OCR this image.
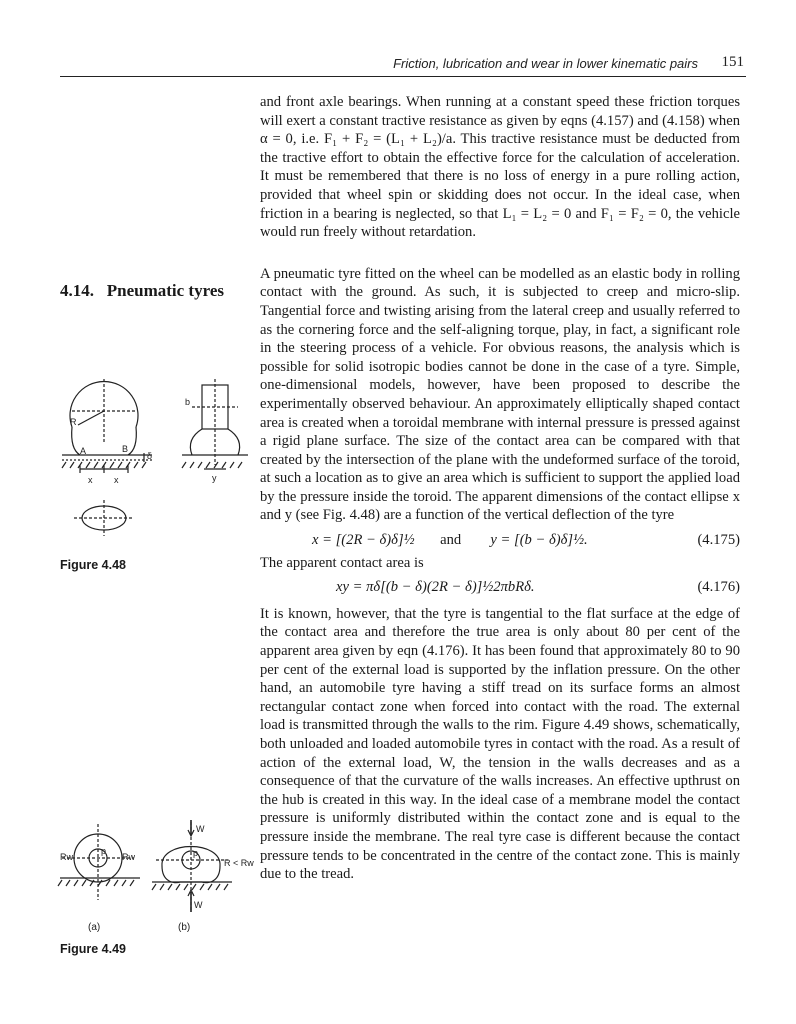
Friction, lubrication and wear in lower kinematic pairs 151
4.14. Pneumatic tyres

and front axle bearings. When running at a constant speed these friction torques will exert a constant tractive resistance as given by eqns (4.157) and (4.158) when α = 0, i.e. F₁ + F₂ = (L₁ + L₂)/a. This tractive resistance must be deducted from the tractive effort to obtain the effective force for the calculation of acceleration. It must be remembered that there is no loss of energy in a pure rolling action, provided that wheel spin or skidding does not occur. In the ideal case, when friction in a bearing is neglected, so that L₁ = L₂ = 0 and F₁ = F₂ = 0, the vehicle would run freely without retardation.

A pneumatic tyre fitted on the wheel can be modelled as an elastic body in rolling contact with the ground. As such, it is subjected to creep and micro-slip. Tangential force and twisting arising from the lateral creep and usually referred to as the cornering force and the self-aligning torque, play, in fact, a significant role in the steering process of a vehicle. For obvious reasons, the analysis which is possible for solid isotropic bodies cannot be done in the case of a tyre. Simple, one-dimensional models, however, have been proposed to describe the experimentally observed behaviour. An approximately elliptically shaped contact area is created when a toroidal membrane with internal pressure is pressed against a rigid plane surface. The size of the contact area can be compared with that created by the intersection of the plane with the undeformed surface of the toroid, at such a location as to give an area which is sufficient to support the applied load by the pressure inside the toroid. The apparent dimensions of the contact ellipse x and y (see Fig. 4.48) are a function of the vertical deflection of the tyre

x = [(2R − δ)δ]½ and y = [(b − δ)δ]½.	(4.175)

The apparent contact area is

xy = πδ[(b − δ)(2R − δ)]½2πbRδ.	(4.176)

It is known, however, that the tyre is tangential to the flat surface at the edge of the contact area and therefore the true area is only about 80 per cent of the apparent area given by eqn (4.176). It has been found that approximately 80 to 90 per cent of the external load is supported by the inflation pressure. On the other hand, an automobile tyre having a stiff tread on its surface forms an almost rectangular contact zone when forced into contact with the road. The external load is transmitted through the walls to the rim. Figure 4.49 shows, schematically, both unloaded and loaded automobile tyres in contact with the road. As a result of action of the external load, W, the tension in the walls decreases and as a consequence of that the curvature of the walls increases. An effective upthrust on the hub is created in this way. In the ideal case of a membrane model the contact pressure is uniformly distributed within the contact zone and is equal to the pressure inside the membrane. The real tyre case is different because the contact pressure tends to be concentrated in the centre of the contact zone. This is mainly due to the tread.

R
A	B
x x
δ
b
y
Figure 4.48
Rw	Rw
p
(a)
W
W
p
R < Rw
(b)
Figure 4.49
